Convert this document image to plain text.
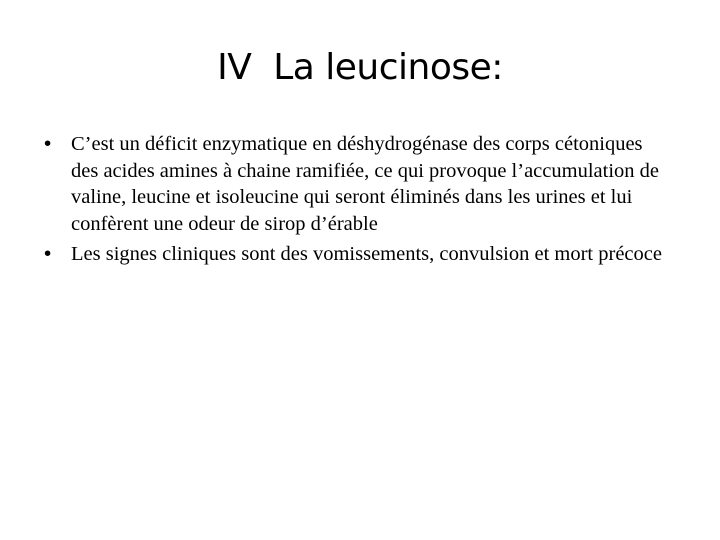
IV  La leucinose:
• C’est un déficit enzymatique en déshydrogénase des corps cétoniques des acides amines à chaine ramifiée, ce qui provoque l’accumulation de valine, leucine et isoleucine qui seront éliminés dans les urines et lui confèrent une odeur de sirop d’érable
• Les signes cliniques sont des vomissements, convulsion et mort précoce
